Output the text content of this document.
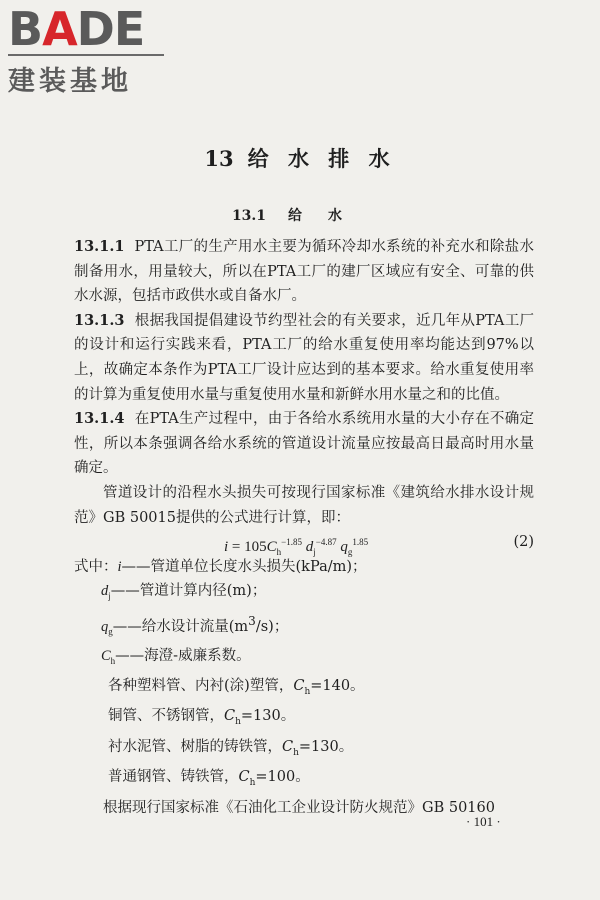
BADE
建装基地
13 给 水 排 水
13.1 给水

13.1.1 PTA工厂的生产用水主要为循环冷却水系统的补充水和除盐水制备用水，用量较大，所以在PTA工厂的建厂区域应有安全、可靠的供水水源，包括市政供水或自备水厂。

13.1.3 根据我国提倡建设节约型社会的有关要求，近几年从PTA工厂的设计和运行实践来看，PTA工厂的给水重复使用率均能达到97%以上，故确定本条作为PTA工厂设计应达到的基本要求。给水重复使用率的计算为重复使用水量与重复使用水量和新鲜水用水量之和的比值。

13.1.4 在PTA生产过程中，由于各给水系统用水量的大小存在不确定性，所以本条强调各给水系统的管道设计流量应按最高日最高时用水量确定。

管道设计的沿程水头损失可按现行国家标准《建筑给水排水设计规范》GB 50015提供的公式进行计算，即：

$i = 105C_h^{-1.85}$ $d_j^{-4.87}$ $q_g^{1.85}$	(2)

式中：i——管道单位长度水头损失(kPa/m)；

$d_j——$管道计算内径(m)；

$q_g——$给水设计流量$(m^3/s)$；

$C_h——$海澄-威廉系数。

各种塑料管、内衬(涂)塑管，$C_h=140$。

铜管、不锈钢管，$C_h=130$。

衬水泥管、树脂的铸铁管，$C_h=130$。

普通钢管、铸铁管，$C_h=100$。

根据现行国家标准《石油化工企业设计防火规范》GB 50160

· 101 ·
